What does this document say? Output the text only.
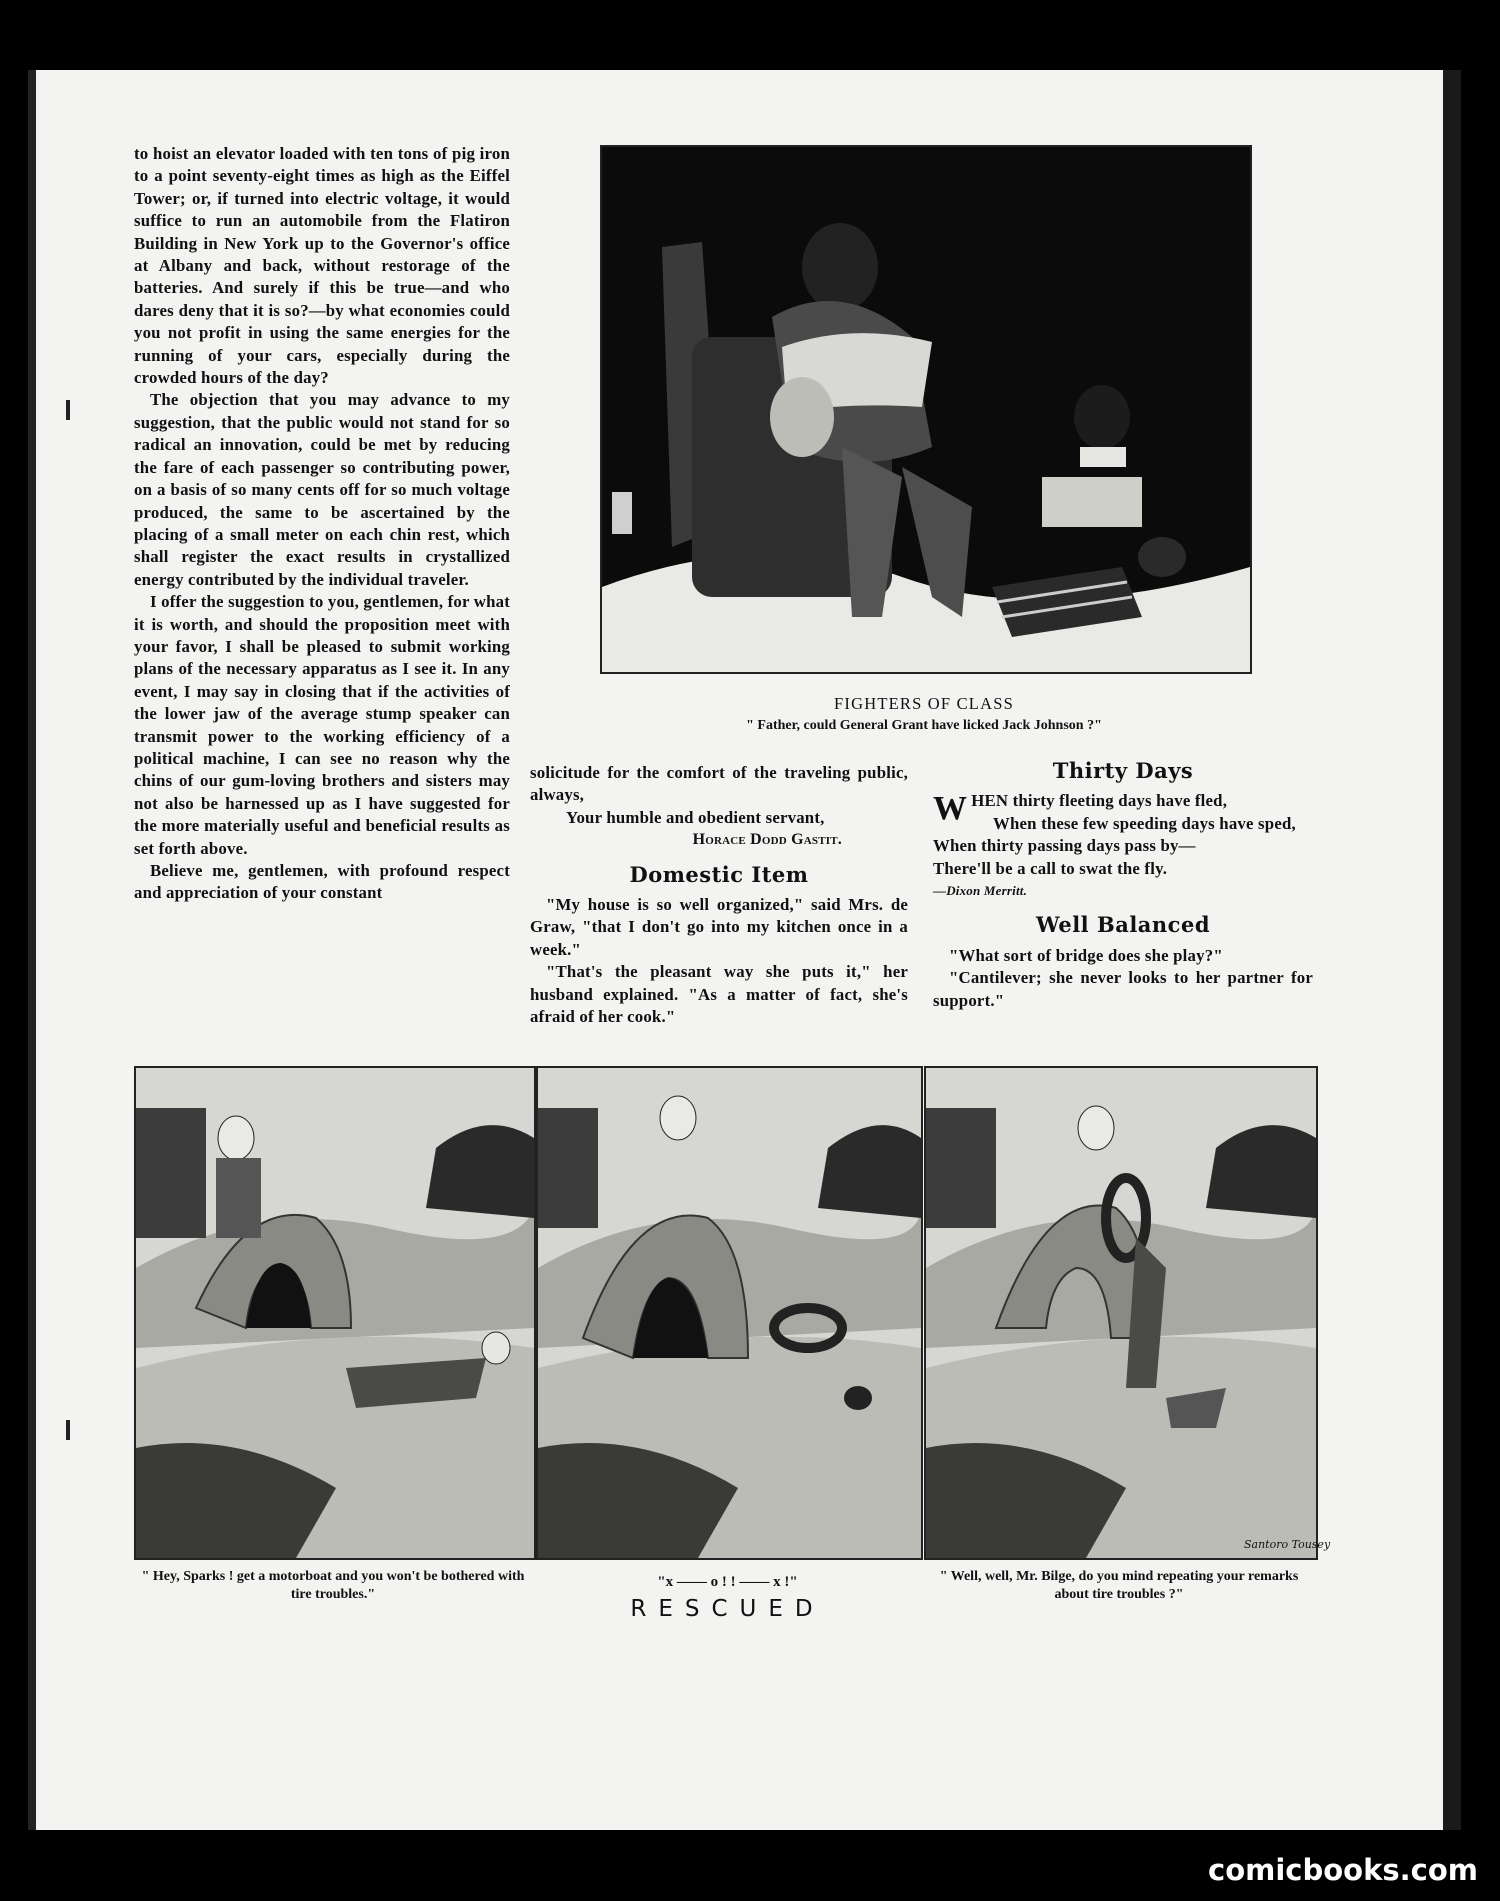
to hoist an elevator loaded with ten tons of pig iron to a point seventy-eight times as high as the Eiffel Tower; or, if turned into electric voltage, it would suffice to run an automobile from the Flatiron Building in New York up to the Governor's office at Albany and back, without restorage of the batteries. And surely if this be true—and who dares deny that it is so?—by what economies could you not profit in using the same energies for the running of your cars, especially during the crowded hours of the day?

The objection that you may advance to my suggestion, that the public would not stand for so radical an innovation, could be met by reducing the fare of each passenger so contributing power, on a basis of so many cents off for so much voltage produced, the same to be ascertained by the placing of a small meter on each chin rest, which shall register the exact results in crystallized energy contributed by the individual traveler.

I offer the suggestion to you, gentlemen, for what it is worth, and should the proposition meet with your favor, I shall be pleased to submit working plans of the necessary apparatus as I see it. In any event, I may say in closing that if the activities of the lower jaw of the average stump speaker can transmit power to the working efficiency of a political machine, I can see no reason why the chins of our gum-loving brothers and sisters may not also be harnessed up as I have suggested for the more materially useful and beneficial results as set forth above.

Believe me, gentlemen, with profound respect and appreciation of your constant

FIGHTERS OF CLASS
" Father, could General Grant have licked Jack Johnson ?"

solicitude for the comfort of the traveling public, always,

Your humble and obedient servant,

Horace Dodd Gastit.

Domestic Item

"My house is so well organized," said Mrs. de Graw, "that I don't go into my kitchen once in a week."

"That's the pleasant way she puts it," her husband explained. "As a matter of fact, she's afraid of her cook."

Thirty Days

WHEN thirty fleeting days have fled,

When these few speeding days have sped,

When thirty passing days pass by—

There'll be a call to swat the fly.

—Dixon Merritt.

Well Balanced

"What sort of bridge does she play?"

"Cantilever; she never looks to her partner for support."

Santoro Tousey
" Hey, Sparks ! get a motorboat and you won't be bothered with tire troubles."
"x —— o ! ! —— x !"
RESCUED
" Well, well, Mr. Bilge, do you mind repeating your remarks about tire troubles ?"
comicbooks.com
